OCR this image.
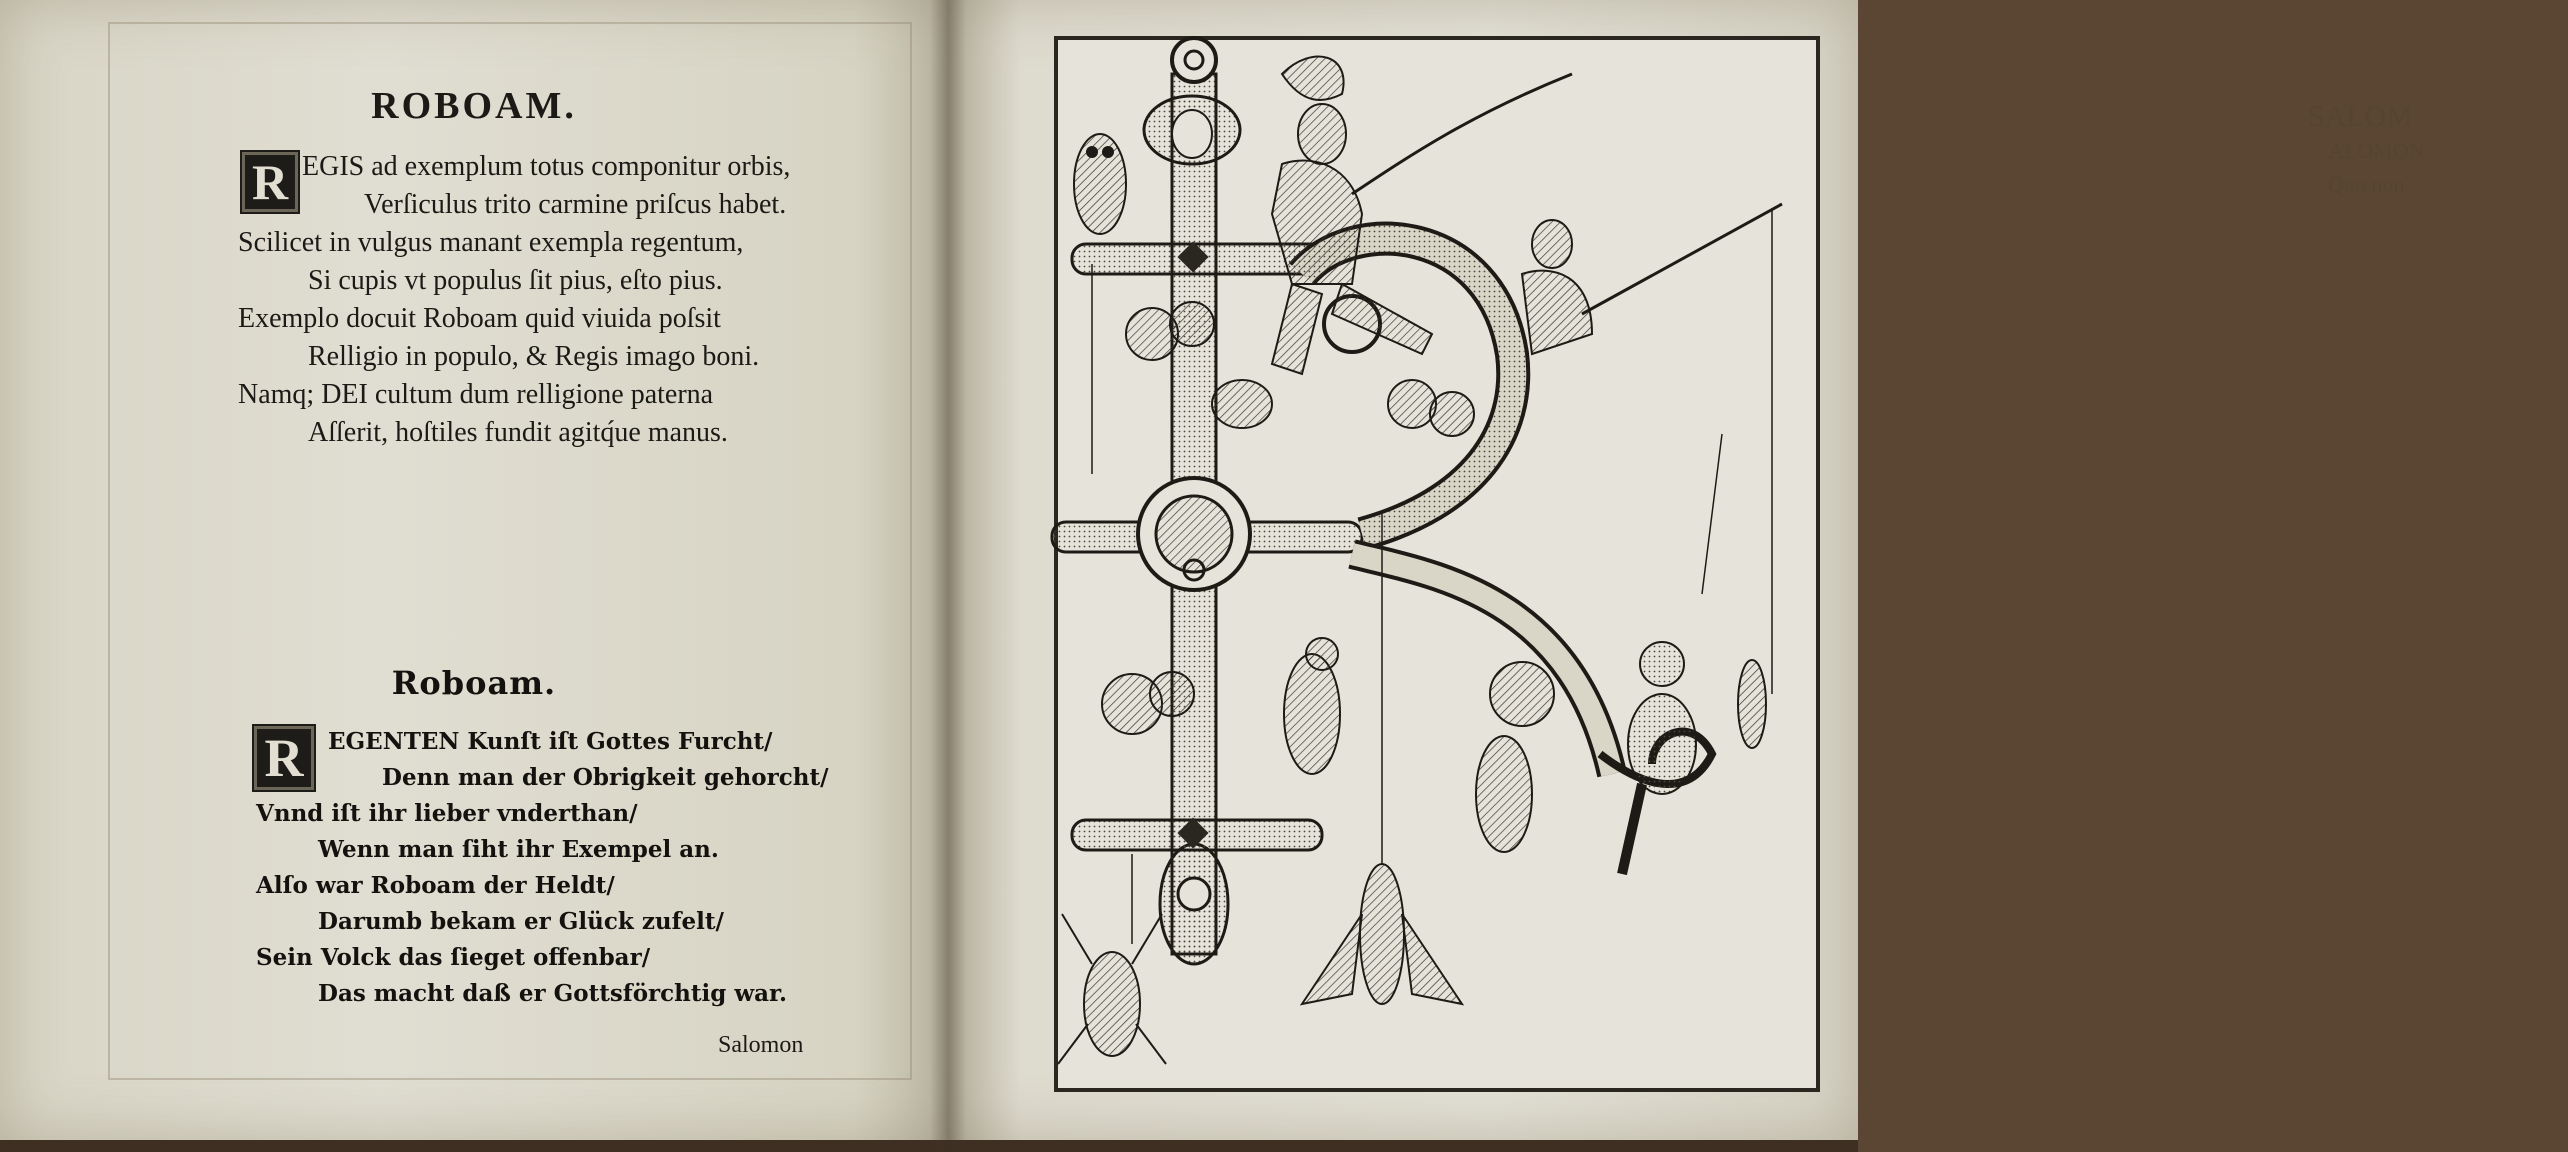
ROBOAM.
R EGIS ad exemplum totus componitur orbis,
Verſiculus trito carmine priſcus habet.
Scilicet in vulgus manant exempla regentum,
Si cupis vt populus ſit pius, eſto pius.
Exemplo docuit Roboam quid viuida poſsit
Relligio in populo, & Regis imago boni.
Namq; DEI cultum dum relligione paterna
Aſſerit, hoſtiles fundit agitq́ue manus.
Roboam.
R	EGENTEN Kunſt iſt Gottes Furcht/
Denn man der Obrigkeit gehorcht/
Vnnd iſt ihr lieber vnderthan/
Wenn man ſiht ihr Exempel an.
Alſo war Roboam der Heldt/
Darumb bekam er Glück zufelt/
Sein Volck das ſieget offenbar/
Das macht daß er Gottsförchtig war.
Salomon
SALOM
ALOMON
Quo non
